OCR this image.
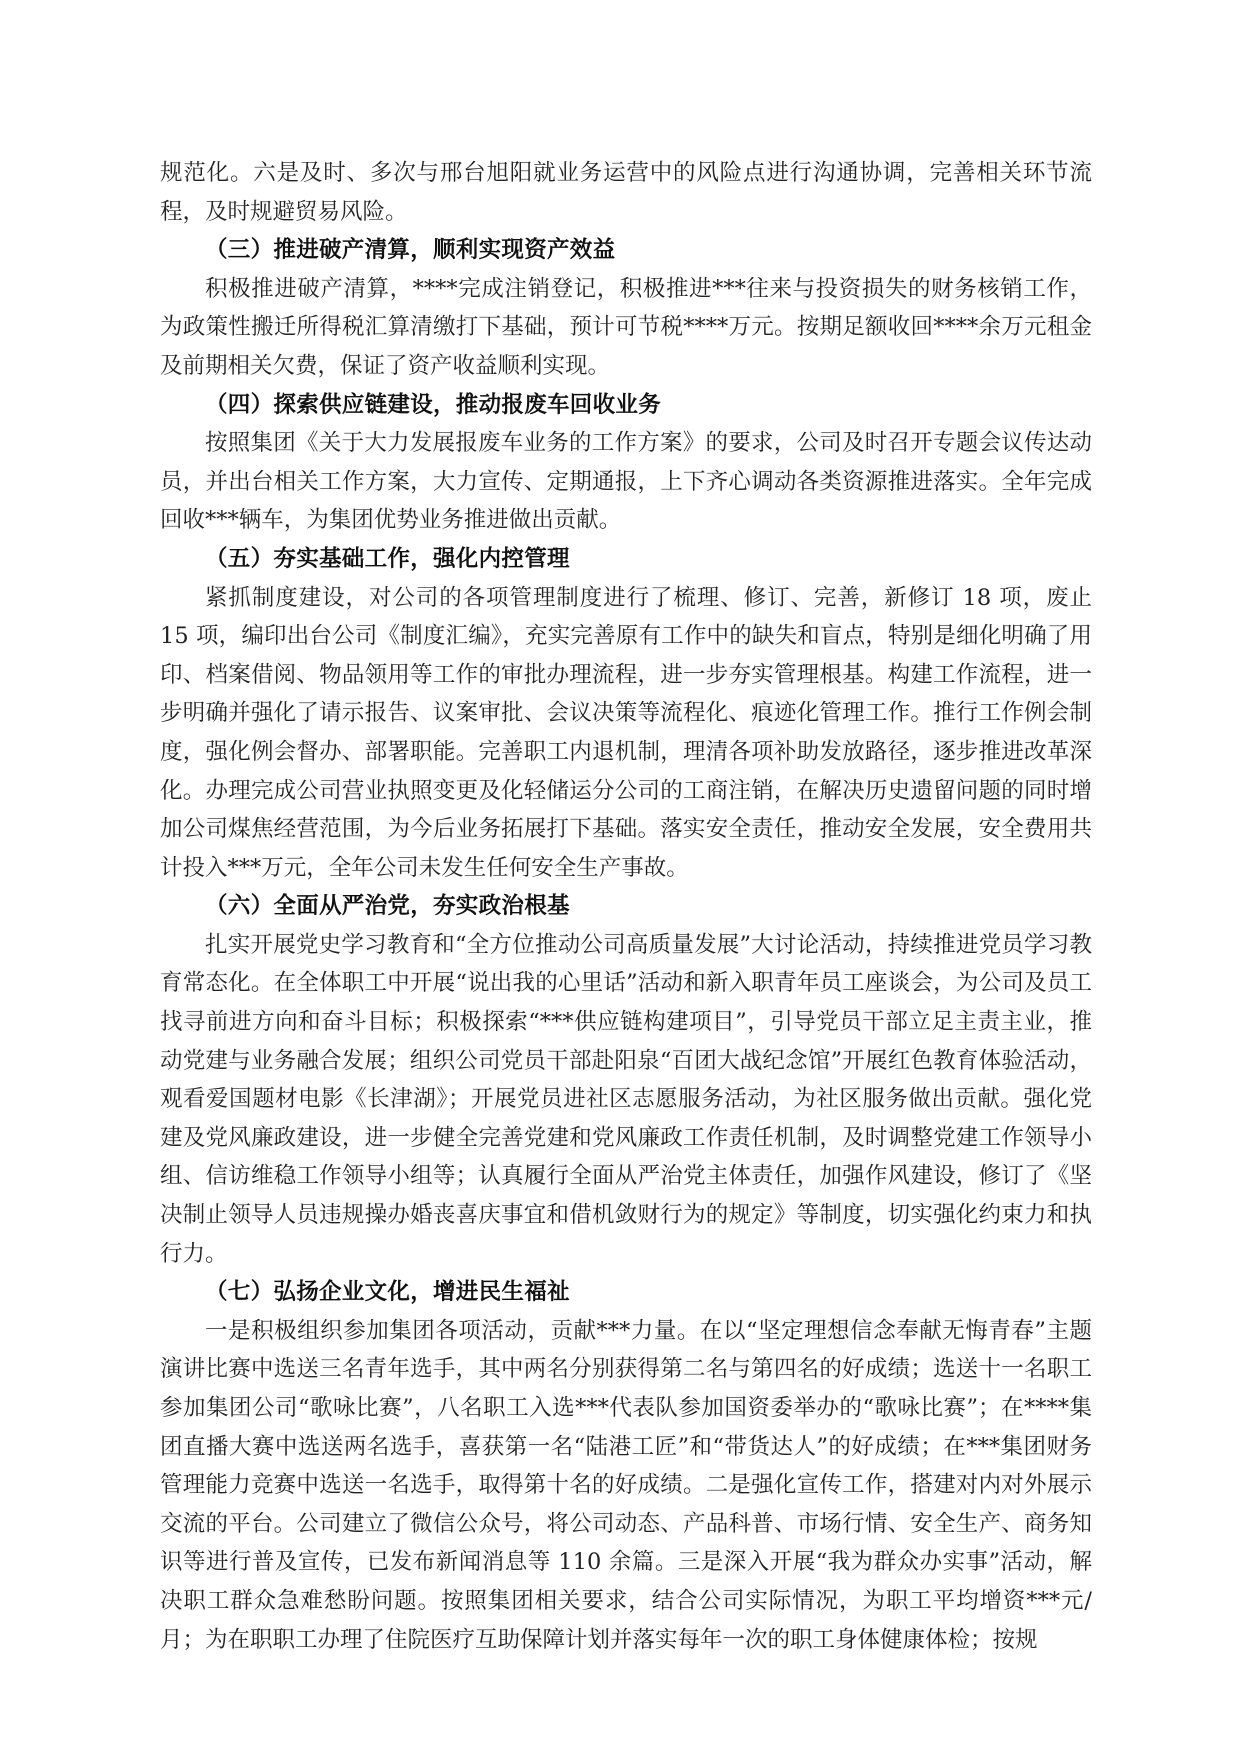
规范化。六是及时、多次与邢台旭阳就业务运营中的风险点进行沟通协调，完善相关环节流程，及时规避贸易风险。

（三）推进破产清算，顺利实现资产效益

积极推进破产清算，****完成注销登记，积极推进***往来与投资损失的财务核销工作，为政策性搬迁所得税汇算清缴打下基础，预计可节税****万元。按期足额收回****余万元租金及前期相关欠费，保证了资产收益顺利实现。

（四）探索供应链建设，推动报废车回收业务

按照集团《关于大力发展报废车业务的工作方案》的要求，公司及时召开专题会议传达动员，并出台相关工作方案，大力宣传、定期通报，上下齐心调动各类资源推进落实。全年完成回收***辆车，为集团优势业务推进做出贡献。

（五）夯实基础工作，强化内控管理

紧抓制度建设，对公司的各项管理制度进行了梳理、修订、完善，新修订 18 项，废止 15 项，编印出台公司《制度汇编》，充实完善原有工作中的缺失和盲点，特别是细化明确了用印、档案借阅、物品领用等工作的审批办理流程，进一步夯实管理根基。构建工作流程，进一步明确并强化了请示报告、议案审批、会议决策等流程化、痕迹化管理工作。推行工作例会制度，强化例会督办、部署职能。完善职工内退机制，理清各项补助发放路径，逐步推进改革深化。办理完成公司营业执照变更及化轻储运分公司的工商注销，在解决历史遗留问题的同时增加公司煤焦经营范围，为今后业务拓展打下基础。落实安全责任，推动安全发展，安全费用共计投入***万元，全年公司未发生任何安全生产事故。

（六）全面从严治党，夯实政治根基

扎实开展党史学习教育和“全方位推动公司高质量发展”大讨论活动，持续推进党员学习教育常态化。在全体职工中开展“说出我的心里话”活动和新入职青年员工座谈会，为公司及员工找寻前进方向和奋斗目标；积极探索“***供应链构建项目”，引导党员干部立足主责主业，推动党建与业务融合发展；组织公司党员干部赴阳泉“百团大战纪念馆”开展红色教育体验活动，观看爱国题材电影《长津湖》；开展党员进社区志愿服务活动，为社区服务做出贡献。强化党建及党风廉政建设，进一步健全完善党建和党风廉政工作责任机制，及时调整党建工作领导小组、信访维稳工作领导小组等；认真履行全面从严治党主体责任，加强作风建设，修订了《坚决制止领导人员违规操办婚丧喜庆事宜和借机敛财行为的规定》等制度，切实强化约束力和执行力。

（七）弘扬企业文化，增进民生福祉

一是积极组织参加集团各项活动，贡献***力量。在以“坚定理想信念奉献无悔青春”主题演讲比赛中选送三名青年选手，其中两名分别获得第二名与第四名的好成绩；选送十一名职工参加集团公司“歌咏比赛”，八名职工入选***代表队参加国资委举办的“歌咏比赛”；在****集团直播大赛中选送两名选手，喜获第一名“陆港工匠”和“带货达人”的好成绩；在***集团财务管理能力竞赛中选送一名选手，取得第十名的好成绩。二是强化宣传工作，搭建对内对外展示交流的平台。公司建立了微信公众号，将公司动态、产品科普、市场行情、安全生产、商务知识等进行普及宣传，已发布新闻消息等 110 余篇。三是深入开展“我为群众办实事”活动，解决职工群众急难愁盼问题。按照集团相关要求，结合公司实际情况，为职工平均增资***元/月；为在职职工办理了住院医疗互助保障计划并落实每年一次的职工身体健康体检；按规
